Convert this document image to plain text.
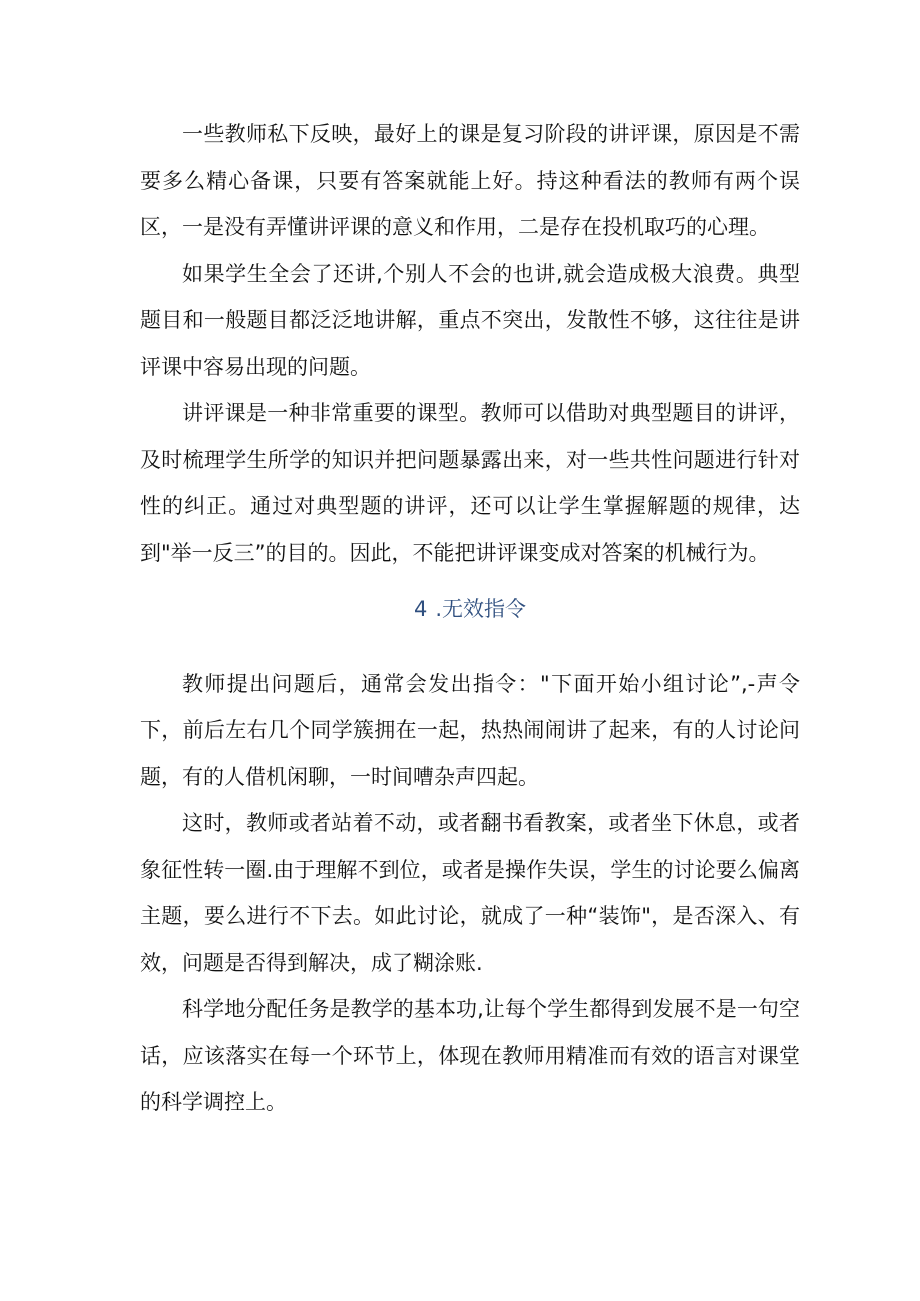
一些教师私下反映，最好上的课是复习阶段的讲评课，原因是不需要多么精心备课，只要有答案就能上好。持这种看法的教师有两个误区，一是没有弄懂讲评课的意义和作用，二是存在投机取巧的心理。

如果学生全会了还讲,个别人不会的也讲,就会造成极大浪费。典型题目和一般题目都泛泛地讲解，重点不突出，发散性不够，这往往是讲评课中容易出现的问题。

讲评课是一种非常重要的课型。教师可以借助对典型题目的讲评，及时梳理学生所学的知识并把问题暴露出来，对一些共性问题进行针对性的纠正。通过对典型题的讲评，还可以让学生掌握解题的规律，达到"举一反三”的目的。因此，不能把讲评课变成对答案的机械行为。

4 .无效指令

教师提出问题后，通常会发出指令："下面开始小组讨论”,-声令下，前后左右几个同学簇拥在一起，热热闹闹讲了起来，有的人讨论问题，有的人借机闲聊，一时间嘈杂声四起。

这时，教师或者站着不动，或者翻书看教案，或者坐下休息，或者象征性转一圈.由于理解不到位，或者是操作失误，学生的讨论要么偏离主题，要么进行不下去。如此讨论，就成了一种“装饰"，是否深入、有效，问题是否得到解决，成了糊涂账.

科学地分配任务是教学的基本功,让每个学生都得到发展不是一句空话，应该落实在每一个环节上，体现在教师用精准而有效的语言对课堂的科学调控上。
